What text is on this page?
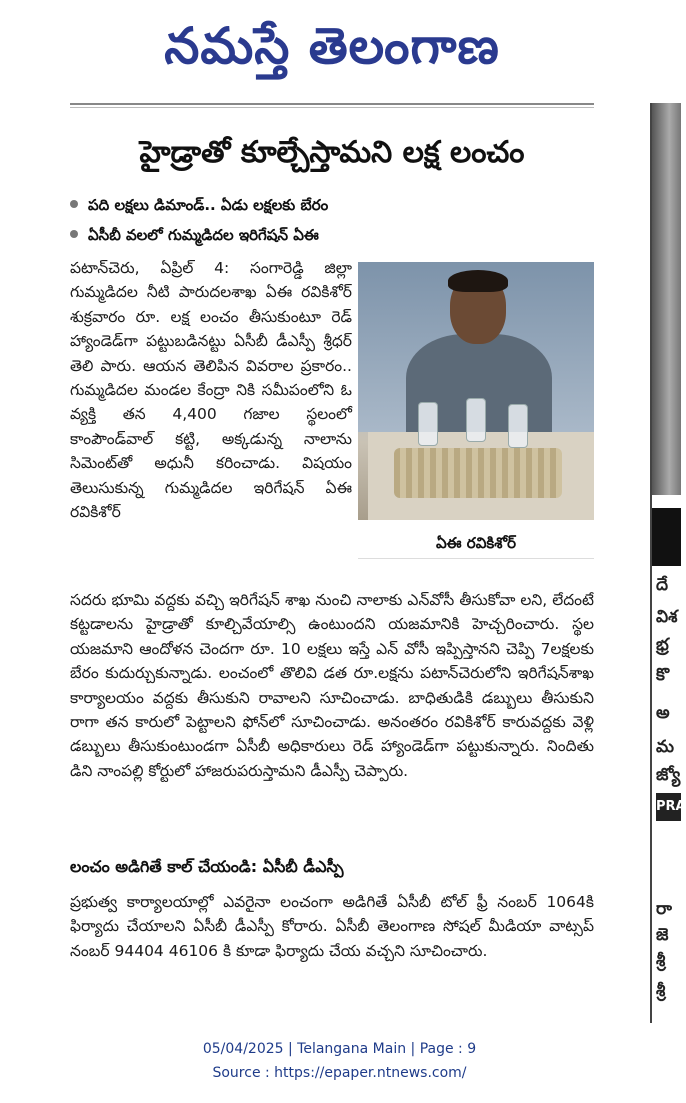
నమస్తే తెలంగాణ
హైడ్రాతో కూల్చేస్తామని లక్ష లంచం
పది లక్షలు డిమాండ్.. ఏడు లక్షలకు బేరం
ఏసీబీ వలలో గుమ్మడిదల ఇరిగేషన్ ఏఈ
పటాన్‌చెరు, ఏప్రిల్ 4: సంగారెడ్డి జిల్లా గుమ్మడిదల నీటి పారుదలశాఖ ఏఈ రవికిశోర్ శుక్రవారం రూ. లక్ష లంచం తీసుకుంటూ రెడ్ హ్యాండెడ్‌గా పట్టుబడినట్టు ఏసీబీ డీఎస్పీ శ్రీధర్ తెలి పారు. ఆయన తెలిపిన వివరాల ప్రకారం.. గుమ్మడిదల మండల కేంద్రా నికి సమీపంలోని ఓ వ్యక్తి తన 4,400 గజాల స్థలంలో కాంపౌండ్‌వాల్ కట్టి, అక్కడున్న నాలాను సిమెంట్‌తో అధునీ కరించాడు. విషయం తెలుసుకున్న గుమ్మడిదల ఇరిగేషన్ ఏఈ రవికిశోర్
ఏఈ రవికిశోర్
సదరు భూమి వద్దకు వచ్చి ఇరిగేషన్ శాఖ నుంచి నాలాకు ఎన్‌వోసీ తీసుకోవా లని, లేదంటే కట్టడాలను హైడ్రాతో కూల్చివేయాల్సి ఉంటుందని యజమానికి హెచ్చరించారు. స్థల యజమాని ఆందోళన చెందగా రూ. 10 లక్షలు ఇస్తే ఎన్ వోసీ ఇప్పిస్తానని చెప్పి 7లక్షలకు బేరం కుదుర్చుకున్నాడు. లంచంలో తొలివి డత రూ.లక్షను పటాన్‌చెరులోని ఇరిగేషన్‌శాఖ కార్యాలయం వద్దకు తీసుకుని రావాలని సూచించాడు. బాధితుడికి డబ్బులు తీసుకుని రాగా తన కారులో పెట్టాలని ఫోన్‌లో సూచించాడు. అనంతరం రవికిశోర్ కారువద్దకు వెళ్లి డబ్బులు తీసుకుంటుండగా ఏసీబీ అధికారులు రెడ్ హ్యాండెడ్‌గా పట్టుకున్నారు. నిందితు డిని నాంపల్లి కోర్టులో హాజరుపరుస్తామని డీఎస్పీ చెప్పారు.
లంచం అడిగితే కాల్ చేయండి: ఏసీబీ డీఎస్పీ
ప్రభుత్వ కార్యాలయాల్లో ఎవరైనా లంచంగా అడిగితే ఏసీబీ టోల్ ఫ్రీ నంబర్ 1064కి ఫిర్యాదు చేయాలని ఏసీబీ డీఎస్పీ కోరారు. ఏసీబీ తెలంగాణ సోషల్ మీడియా వాట్సప్ నంబర్ 94404 46106 కి కూడా ఫిర్యాదు చేయ వచ్చని సూచించారు.
దే
విశ
భ్ర
కొ
అ
మ
జ్యో
PRA
రా
జె
శ్రీ
శ్రీ
05/04/2025 | Telangana Main | Page : 9
Source : https://epaper.ntnews.com/
